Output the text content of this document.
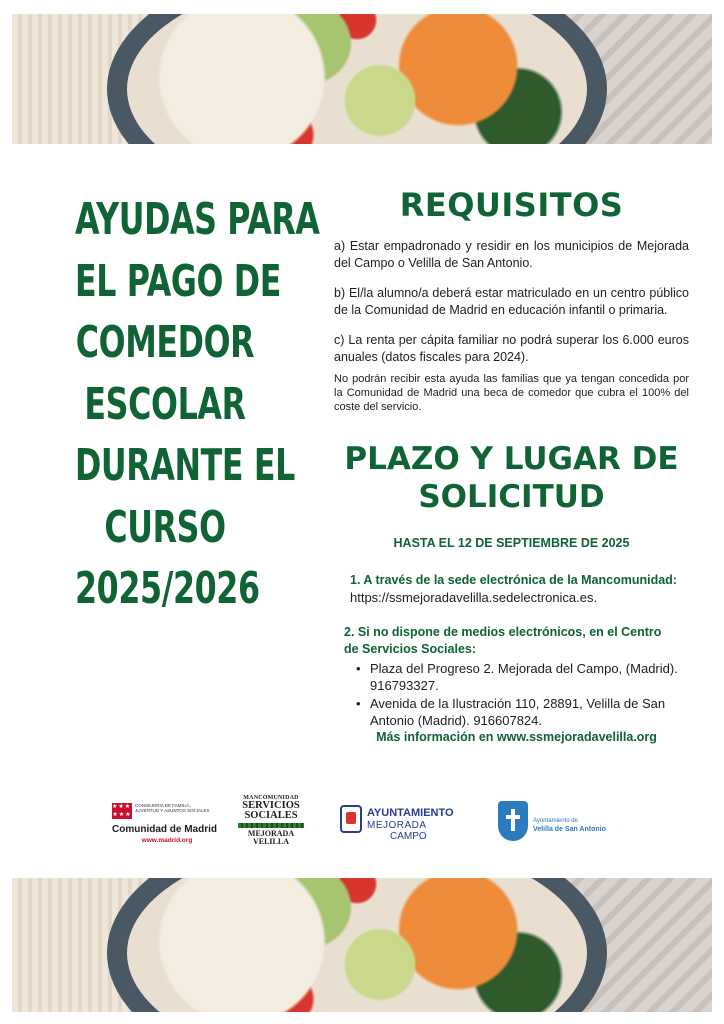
AYUDAS PARA
EL PAGO DE
COMEDOR
ESCOLAR
DURANTE EL
CURSO
2025/2026
REQUISITOS

a) Estar empadronado y residir en los municipios de Mejorada del Campo o Velilla de San Antonio.

b) El/la alumno/a deberá estar matriculado en un centro público de la Comunidad de Madrid en educación infantil o primaria.

c) La renta per cápita familiar no podrá superar los 6.000 euros anuales (datos fiscales para 2024).

No podrán recibir esta ayuda las familias que ya tengan concedida por la Comunidad de Madrid una beca de comedor que cubra el 100% del coste del servicio.

PLAZO Y LUGAR DE
SOLICITUD
HASTA EL 12 DE SEPTIEMBRE DE 2025
1. A través de la sede electrónica de la Mancomunidad:
https://ssmejoradavelilla.sedelectronica.es.
2. Si no dispone de medios electrónicos, en el Centro
de Servicios Sociales:
• Plaza del Progreso 2. Mejorada del Campo, (Madrid). 916793327.
• Avenida de la Ilustración 110, 28891, Velilla de San Antonio (Madrid). 916607824.
Más información en www.ssmejoradavelilla.org
★★★★
★★★CONSEJERÍA DE FAMILIA, JUVENTUD Y ASUNTOS SOCIALES
Comunidad de Madrid
www.madrid.org
MANCOMUNIDAD
SERVICIOS
SOCIALES
MEJORADA
VELILLA
AYUNTAMIENTO
MEJORADA
CAMPO
Ayuntamiento de
Velilla de San Antonio
